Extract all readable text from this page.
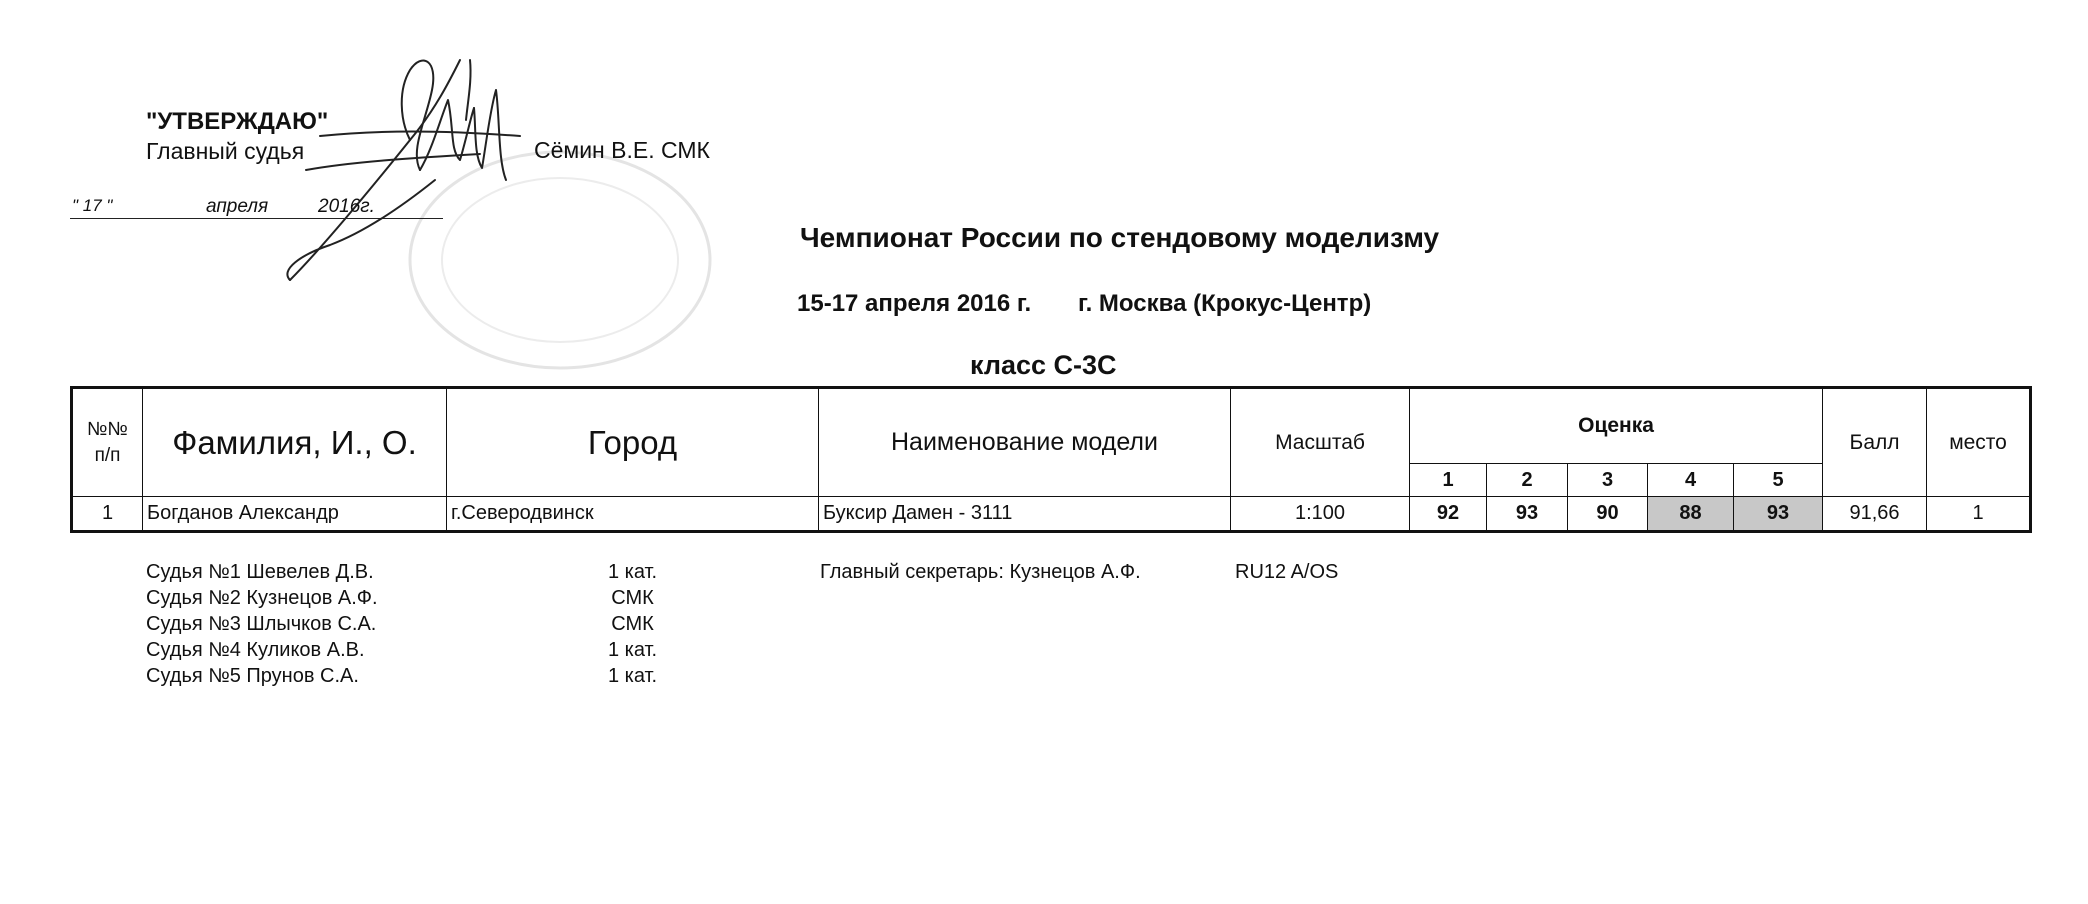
"УТВЕРЖДАЮ"
Главный судья	Сёмин В.Е. СМК
" 17 "	апреля	2016г.
Чемпионат России по стендовому моделизму
15-17 апреля 2016 г. г. Москва (Крокус-Центр)
класс С-3С
№№
п/п	Фамилия, И., О.	Город	Наименование модели	Масштаб	Оценка					Балл	место
					1	2	3	4	5		
1	Богданов Александр	г.Северодвинск	Буксир Дамен - 3111	1:100	92	93	90	88	93	91,66	1
Судья №1 Шевелев Д.В.	1 кат.
Судья №2 Кузнецов А.Ф.	СМК
Судья №3 Шлычков С.А.	СМК
Судья №4 Куликов А.В.	1 кат.
Судья №5 Прунов С.А.	1 кат.
Главный секретарь: Кузнецов А.Ф.	RU12 A/OS
